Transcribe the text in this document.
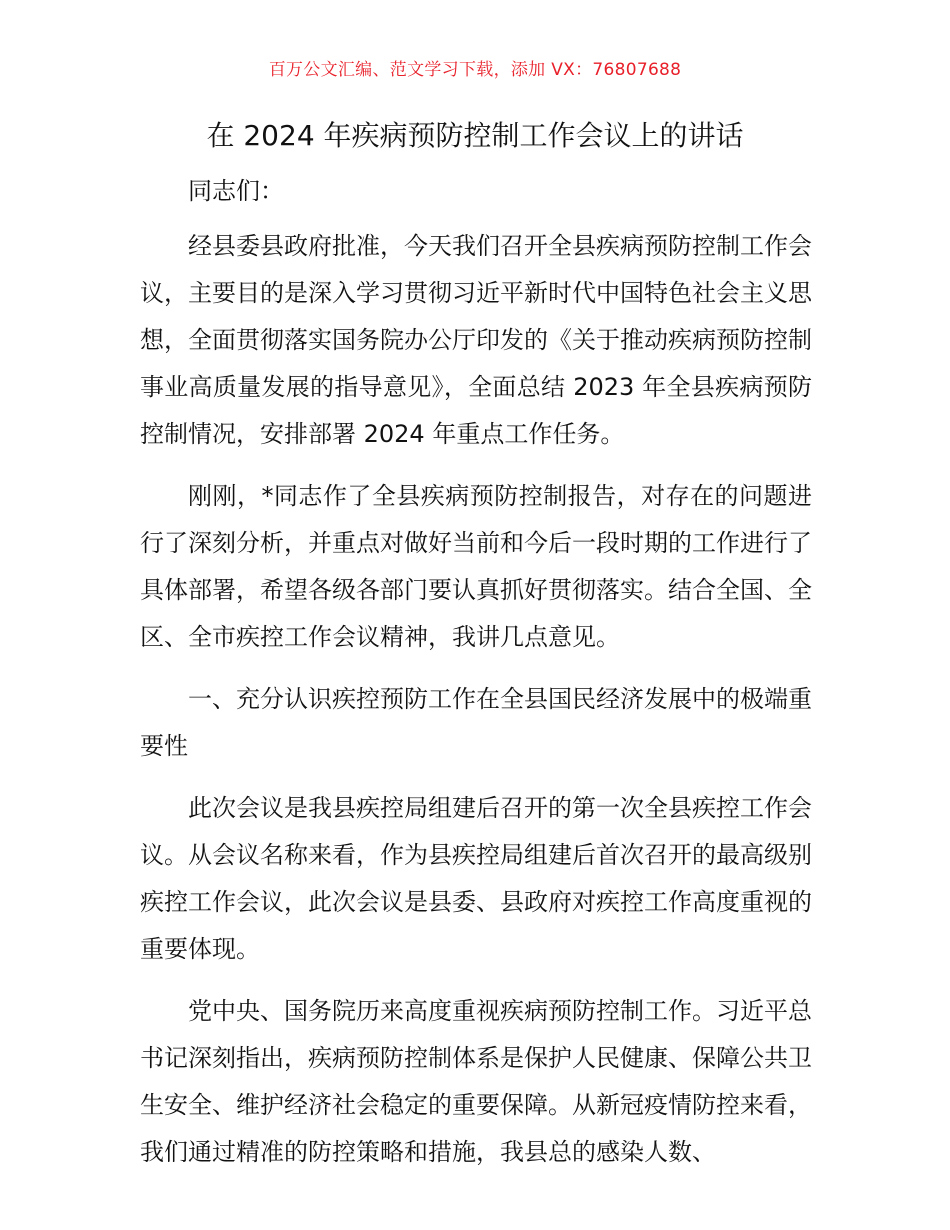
百万公文汇编、范文学习下载，添加 VX：76807688
在 2024 年疾病预防控制工作会议上的讲话

同志们：

经县委县政府批准，今天我们召开全县疾病预防控制工作会议，主要目的是深入学习贯彻习近平新时代中国特色社会主义思想，全面贯彻落实国务院办公厅印发的《关于推动疾病预防控制事业高质量发展的指导意见》，全面总结 2023 年全县疾病预防控制情况，安排部署 2024 年重点工作任务。

刚刚，*同志作了全县疾病预防控制报告，对存在的问题进行了深刻分析，并重点对做好当前和今后一段时期的工作进行了具体部署，希望各级各部门要认真抓好贯彻落实。结合全国、全区、全市疾控工作会议精神，我讲几点意见。

一、充分认识疾控预防工作在全县国民经济发展中的极端重要性

此次会议是我县疾控局组建后召开的第一次全县疾控工作会议。从会议名称来看，作为县疾控局组建后首次召开的最高级别疾控工作会议，此次会议是县委、县政府对疾控工作高度重视的重要体现。

党中央、国务院历来高度重视疾病预防控制工作。习近平总书记深刻指出，疾病预防控制体系是保护人民健康、保障公共卫生安全、维护经济社会稳定的重要保障。从新冠疫情防控来看，我们通过精准的防控策略和措施，我县总的感染人数、
